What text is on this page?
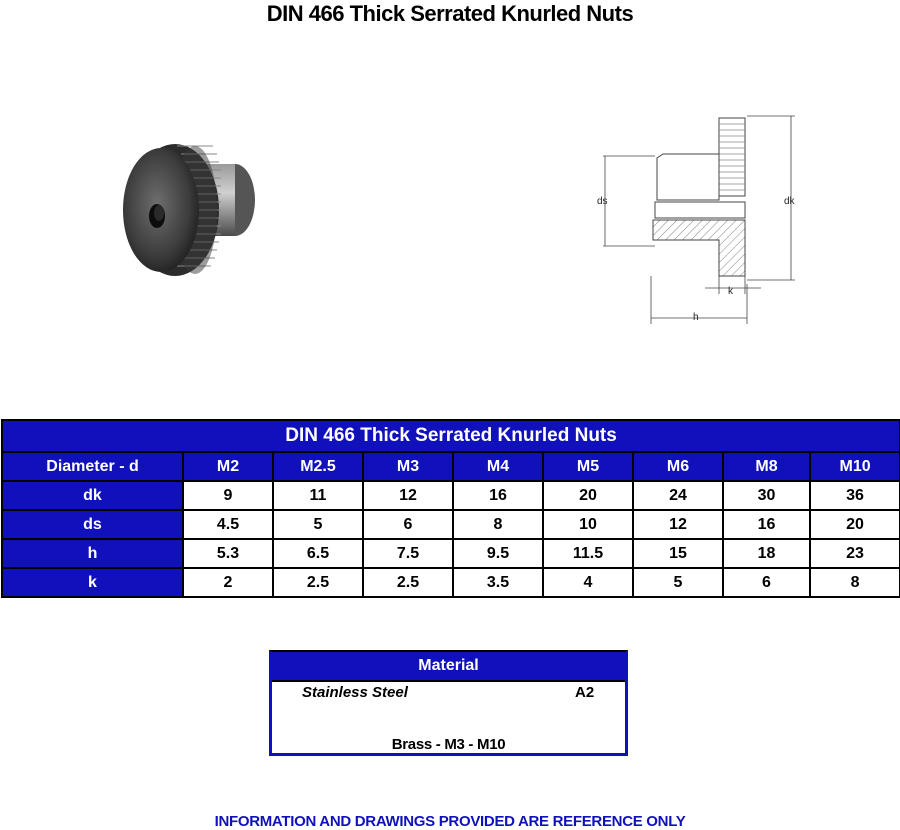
DIN 466 Thick Serrated Knurled Nuts
ds	dk
k
h
DIN 466 Thick Serrated Knurled Nuts								
Diameter - d	M2	M2.5	M3	M4	M5	M6	M8	M10
dk	9	11	12	16	20	24	30	36
ds	4.5	5	6	8	10	12	16	20
h	5.3	6.5	7.5	9.5	11.5	15	18	23
k	2	2.5	2.5	3.5	4	5	6	8
Material
Stainless Steel	A2
Brass - M3 - M10
INFORMATION AND DRAWINGS PROVIDED ARE REFERENCE ONLY
